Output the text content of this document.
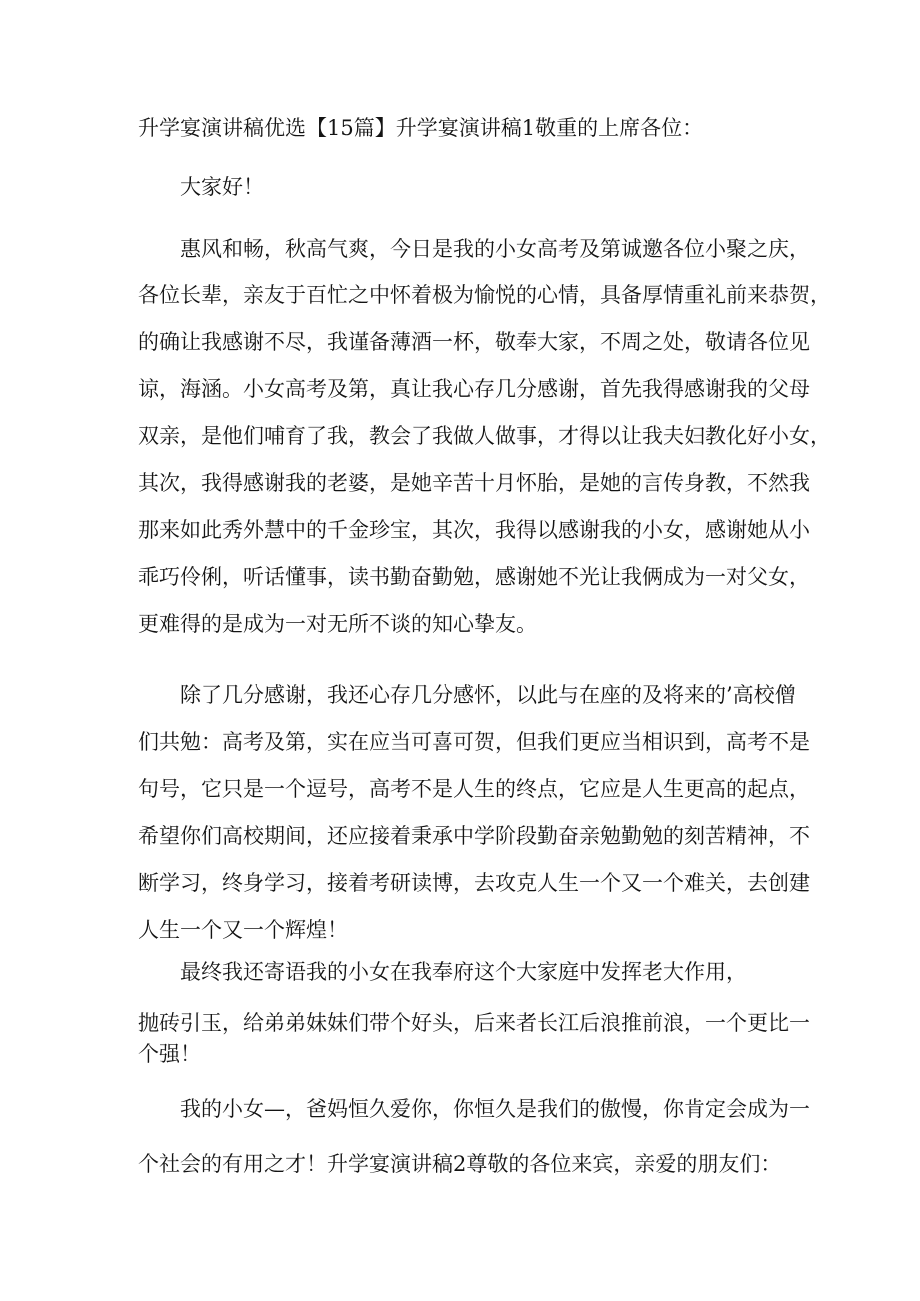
升学宴演讲稿优选【15篇】升学宴演讲稿1敬重的上席各位：
大家好！
惠风和畅，秋高气爽，今日是我的小女高考及第诚邀各位小聚之庆，
各位长辈，亲友于百忙之中怀着极为愉悦的心情，具备厚情重礼前来恭贺，
的确让我感谢不尽，我谨备薄酒一杯，敬奉大家，不周之处，敬请各位见
谅，海涵。小女高考及第，真让我心存几分感谢，首先我得感谢我的父母
双亲，是他们哺育了我，教会了我做人做事，才得以让我夫妇教化好小女，
其次，我得感谢我的老婆，是她辛苦十月怀胎，是她的言传身教，不然我
那来如此秀外慧中的千金珍宝，其次，我得以感谢我的小女，感谢她从小
乖巧伶俐，听话懂事，读书勤奋勤勉，感谢她不光让我俩成为一对父女，
更难得的是成为一对无所不谈的知心挚友。
除了几分感谢，我还心存几分感怀，以此与在座的及将来的’高校僧
们共勉：高考及第，实在应当可喜可贺，但我们更应当相识到，高考不是
句号，它只是一个逗号，高考不是人生的终点，它应是人生更高的起点，
希望你们高校期间，还应接着秉承中学阶段勤奋亲勉勤勉的刻苦精神，不
断学习，终身学习，接着考研读博，去攻克人生一个又一个难关，去创建
人生一个又一个辉煌！
最终我还寄语我的小女在我奉府这个大家庭中发挥老大作用，
抛砖引玉，给弟弟妹妹们带个好头，后来者长江后浪推前浪，一个更比一
个强！
我的小女—，爸妈恒久爱你，你恒久是我们的傲慢，你肯定会成为一
个社会的有用之才！升学宴演讲稿2尊敬的各位来宾，亲爱的朋友们：
